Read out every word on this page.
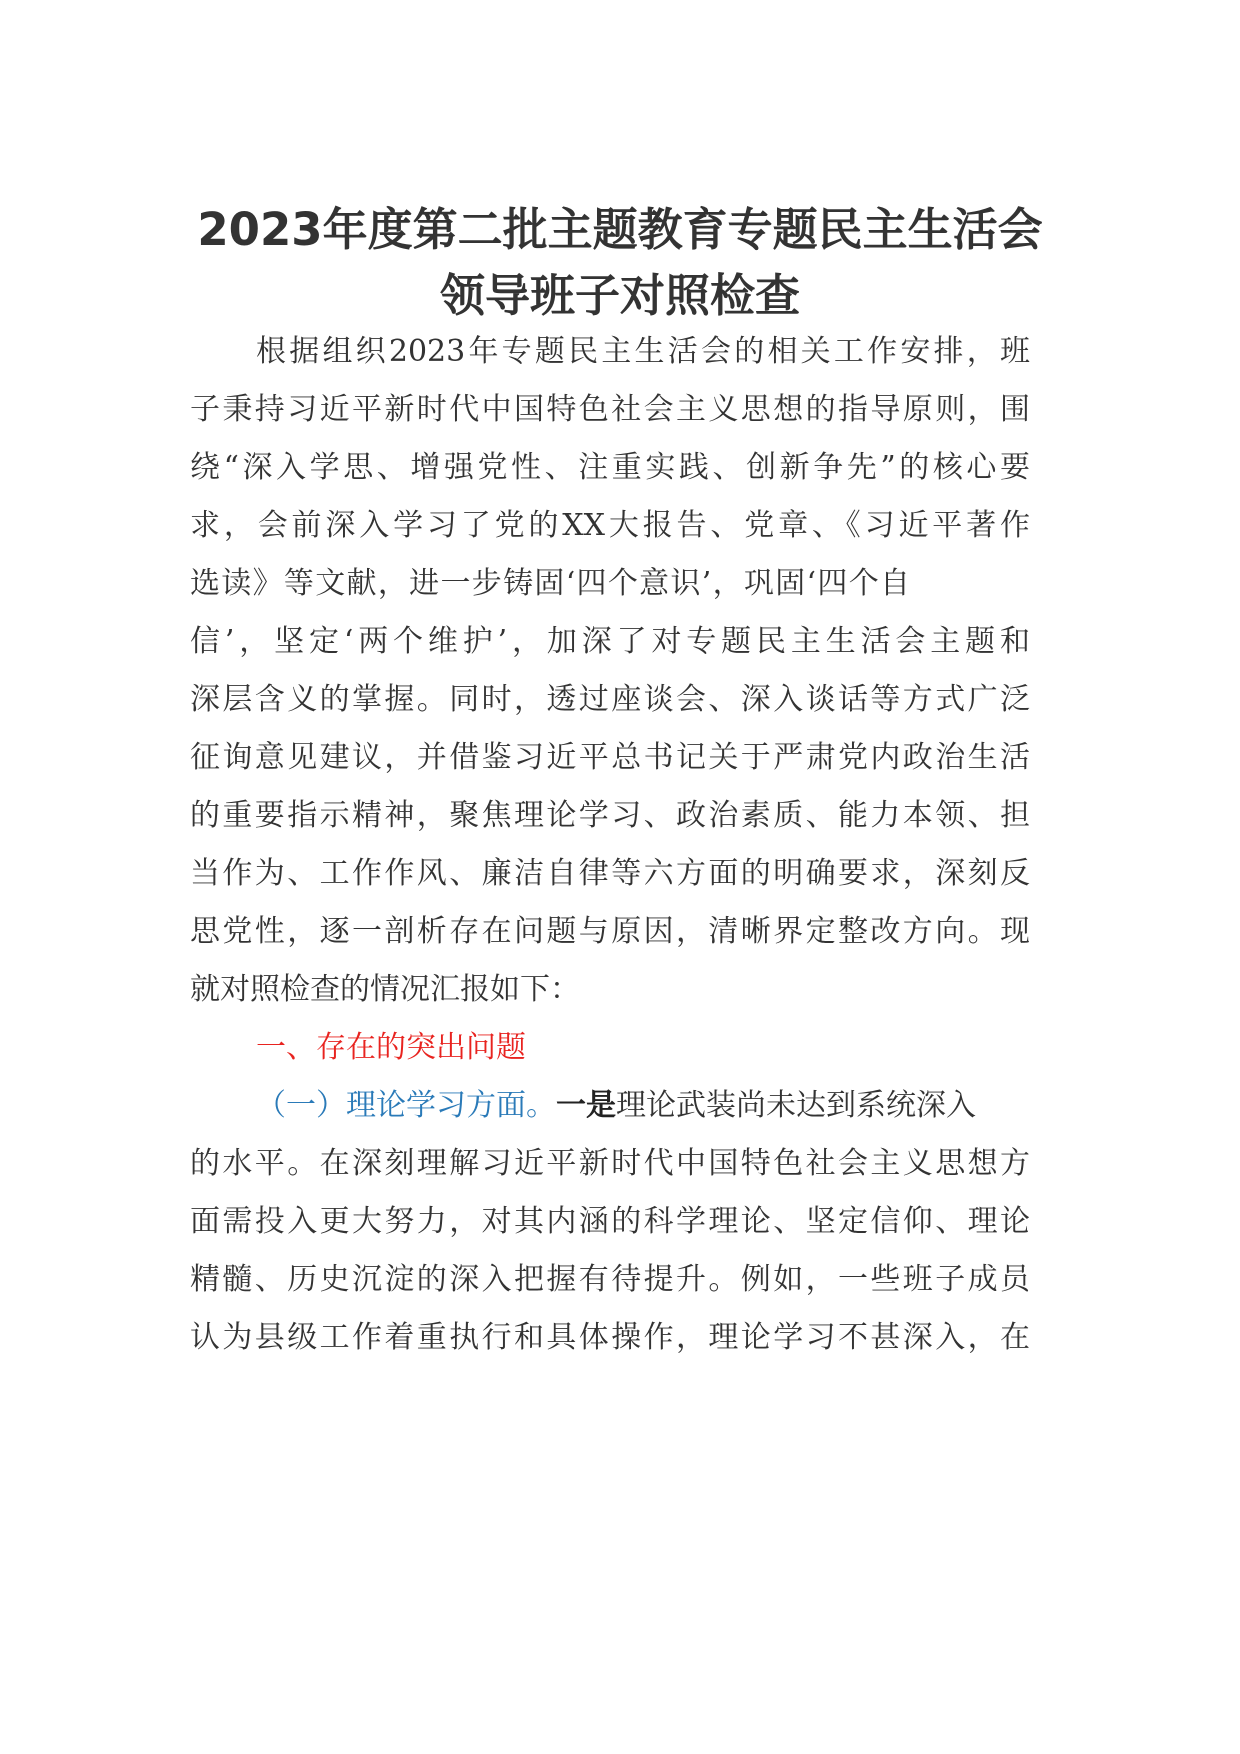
2023年度第二批主题教育专题民主生活会
领导班子对照检查
根据组织2023年专题民主生活会的相关工作安排，班
子秉持习近平新时代中国特色社会主义思想的指导原则，围
绕“深入学思、增强党性、注重实践、创新争先”的核心要
求，会前深入学习了党的XX大报告、党章、《习近平著作
选读》等文献，进一步铸固‘四个意识’，巩固‘四个自
信’，坚定‘两个维护’，加深了对专题民主生活会主题和
深层含义的掌握。同时，透过座谈会、深入谈话等方式广泛
征询意见建议，并借鉴习近平总书记关于严肃党内政治生活
的重要指示精神，聚焦理论学习、政治素质、能力本领、担
当作为、工作作风、廉洁自律等六方面的明确要求，深刻反
思党性，逐一剖析存在问题与原因，清晰界定整改方向。现
就对照检查的情况汇报如下：
一、存在的突出问题
（一）理论学习方面。一是理论武装尚未达到系统深入
的水平。在深刻理解习近平新时代中国特色社会主义思想方
面需投入更大努力，对其内涵的科学理论、坚定信仰、理论
精髓、历史沉淀的深入把握有待提升。例如，一些班子成员
认为县级工作着重执行和具体操作，理论学习不甚深入，在
